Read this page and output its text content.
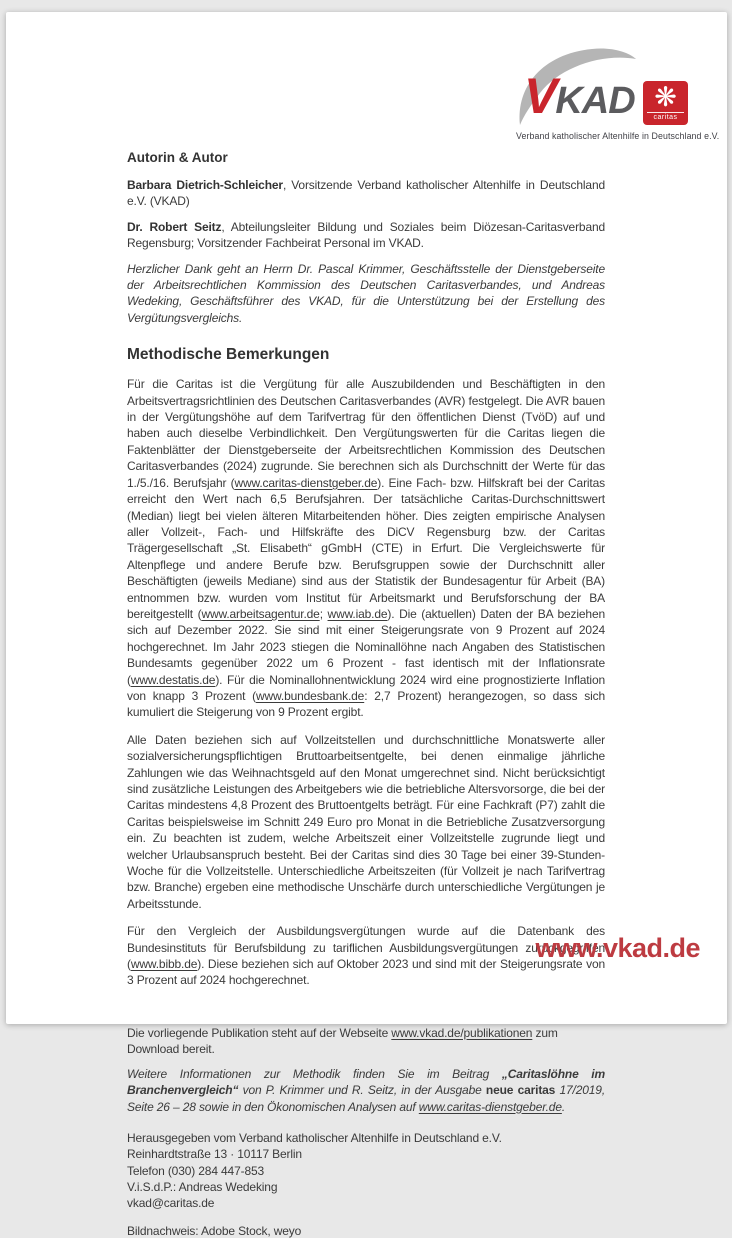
V KAD ❋
caritas
Verband katholischer Altenhilfe in Deutschland e.V.
Autorin & Autor

Barbara Dietrich-Schleicher, Vorsitzende Verband katholischer Altenhilfe in Deutschland e.V. (VKAD)

Dr. Robert Seitz, Abteilungsleiter Bildung und Soziales beim Diözesan-Caritasverband Regensburg; Vorsitzender Fachbeirat Personal im VKAD.

Herzlicher Dank geht an Herrn Dr. Pascal Krimmer, Geschäftsstelle der Dienstgeberseite der Arbeitsrechtlichen Kommission des Deutschen Caritasverbandes, und Andreas Wedeking, Geschäftsführer des VKAD, für die Unterstützung bei der Erstellung des Vergütungsvergleichs.

Methodische Bemerkungen

Für die Caritas ist die Vergütung für alle Auszubildenden und Beschäftigten in den Arbeitsvertragsrichtlinien des Deutschen Caritasverbandes (AVR) festgelegt. Die AVR bauen in der Vergütungshöhe auf dem Tarifvertrag für den öffentlichen Dienst (TvöD) auf und haben auch dieselbe Verbindlichkeit. Den Vergütungswerten für die Caritas liegen die Faktenblätter der Dienstgeberseite der Arbeitsrechtlichen Kommission des Deutschen Caritasverbandes (2024) zugrunde. Sie berechnen sich als Durchschnitt der Werte für das 1./5./16. Berufsjahr (www.caritas-dienstgeber.de). Eine Fach- bzw. Hilfskraft bei der Caritas erreicht den Wert nach 6,5 Berufsjahren. Der tatsächliche Caritas-Durchschnittswert (Median) liegt bei vielen älteren Mitarbeitenden höher. Dies zeigten empirische Analysen aller Vollzeit-, Fach- und Hilfskräfte des DiCV Regensburg bzw. der Caritas Trägergesellschaft „St. Elisabeth“ gGmbH (CTE) in Erfurt. Die Vergleichswerte für Altenpflege und andere Berufe bzw. Berufsgruppen sowie der Durchschnitt aller Beschäftigten (jeweils Mediane) sind aus der Statistik der Bundesagentur für Arbeit (BA) entnommen bzw. wurden vom Institut für Arbeitsmarkt und Berufsforschung der BA bereitgestellt (www.arbeitsagentur.de; www.iab.de). Die (aktuellen) Daten der BA beziehen sich auf Dezember 2022. Sie sind mit einer Steigerungsrate von 9 Prozent auf 2024 hochgerechnet. Im Jahr 2023 stiegen die Nominallöhne nach Angaben des Statistischen Bundesamts gegenüber 2022 um 6 Prozent - fast identisch mit der Inflationsrate (www.destatis.de). Für die Nominallohnentwicklung 2024 wird eine prognostizierte Inflation von knapp 3 Prozent (www.bundesbank.de: 2,7 Prozent) herangezogen, so dass sich kumuliert die Steigerung von 9 Prozent ergibt.

Alle Daten beziehen sich auf Vollzeitstellen und durchschnittliche Monatswerte aller sozialversicherungspflichtigen Bruttoarbeitsentgelte, bei denen einmalige jährliche Zahlungen wie das Weihnachtsgeld auf den Monat umgerechnet sind. Nicht berücksichtigt sind zusätzliche Leistungen des Arbeitgebers wie die betriebliche Altersvorsorge, die bei der Caritas mindestens 4,8 Prozent des Bruttoentgelts beträgt. Für eine Fachkraft (P7) zahlt die Caritas beispielsweise im Schnitt 249 Euro pro Monat in die Betriebliche Zusatzversorgung ein. Zu beachten ist zudem, welche Arbeitszeit einer Vollzeitstelle zugrunde liegt und welcher Urlaubsanspruch besteht. Bei der Caritas sind dies 30 Tage bei einer 39-Stunden-Woche für die Vollzeitstelle. Unterschiedliche Arbeitszeiten (für Vollzeit je nach Tarifvertrag bzw. Branche) ergeben eine methodische Unschärfe durch unterschiedliche Vergütungen je Arbeitsstunde.

Für den Vergleich der Ausbildungsvergütungen wurde auf die Datenbank des Bundesinstituts für Berufsbildung zu tariflichen Ausbildungsvergütungen zurückgegriffen (www.bibb.de). Diese beziehen sich auf Oktober 2023 und sind mit der Steigerungsrate von 3 Prozent auf 2024 hochgerechnet.

Die vorliegende Publikation steht auf der Webseite www.vkad.de/publikationen zum Download bereit.

Weitere Informationen zur Methodik finden Sie im Beitrag „Caritaslöhne im Branchenvergleich“ von P. Krimmer und R. Seitz, in der Ausgabe neue caritas 17/2019, Seite 26 – 28 sowie in den Ökonomischen Analysen auf www.caritas-dienstgeber.de.

Herausgegeben vom Verband katholischer Altenhilfe in Deutschland e.V.
Reinhardtstraße 13 · 10117 Berlin
Telefon (030) 284 447-853
V.i.S.d.P.: Andreas Wedeking
vkad@caritas.de
Bildnachweis: Adobe Stock, weyo
www.vkad.de
